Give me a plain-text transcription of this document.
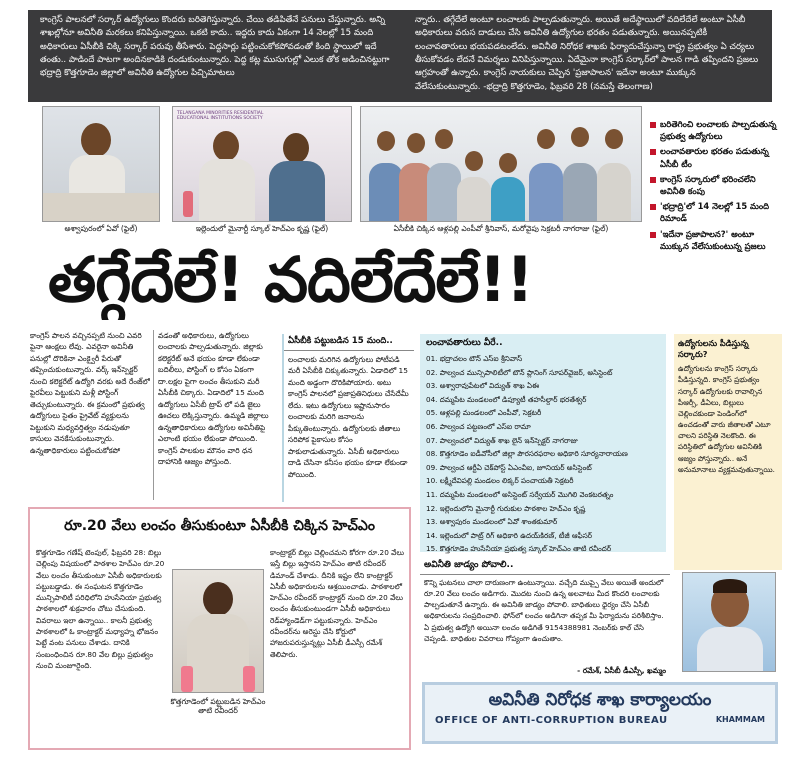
కాంగ్రెస్ పాలనలో సర్కార్ ఉద్యోగులు కొందరు బరితెగిస్తున్నారు. చేయి తడిపితేనే పనులు చేస్తున్నారు. అన్ని శాఖల్లోనూ అవినీతి మరకలు కనిపిస్తున్నాయి. ఒకటి కాదు.. ఇద్దరు కాదు ఏకంగా 14 నెలల్లో 15 మంది అధికారులు ఏసీబీకి చిక్కి సర్కార్ పరువు తీసేశారు. పెద్దసార్లు పట్టించుకోకపోవడంతో కింది స్థాయిలో ఇదే తంతు.. పాడిందే పాటగా అందినకాడికి దండుకుంటున్నారు. పెద్ద కట్ల ముసుగుల్లో ఎలుక తోక అడించినట్టుగా భద్రాద్రి కొత్తగూడెం జిల్లాలో అవినీతి ఉద్యోగుల పిచ్చిమాటలు
న్నారు.. తగ్గేదేలే అంటూ లంచాలకు పాల్పడుతున్నారు. అయితే అదేస్థాయిలో వదిలేదేలే అంటూ ఏసీబీ అధికారులు వరుస దాడులు చేసి అవినీతి ఉద్యోగుల భరతం పడుతున్నారు. అయినప్పటికీ లంచావతారులు భయపడటంలేదు. అవినీతి నిరోధక శాఖకు ఫిర్యాదుచేస్తున్నా రాష్ట్ర ప్రభుత్వం ఏ చర్యలు తీసుకోవడం లేదనే విమర్శలు వినిపిస్తున్నాయి. ఏదేమైనా కాంగ్రెస్ సర్కార్‌లో పాలన గాడి తప్పిందని ప్రజలు ఆగ్రహంతో ఉన్నారు. కాంగ్రెస్ నాయకులు చెప్పిన 'ప్రజాపాలన' ఇదేనా అంటూ ముక్కున వేలేసుకుంటున్నారు. -భద్రాద్రి కొత్తగూడెం, ఫిబ్రవరి 28 (నమస్తే తెలంగాణ)
అశ్వాపురంలో ఏవో (ఫైల్)
TELANGANA MINORITIES RESIDENTIAL EDUCATIONAL INSTITUTIONS SOCIETY
ఇల్లెందులో మైనార్టీ స్కూల్ హెచ్ఎం కృష్ణ (ఫైల్)	ఏసీబీకి చిక్కిన ఆళ్లపల్లి ఎంపీవో శ్రీనివాస్, మరోవైపు సెక్రటరీ నాగరాజు (ఫైల్)
బరితెగించి లంచాలకు పాల్పడుతున్న ప్రభుత్వ ఉద్యోగులు
లంచావతారుల భరతం పడుతున్న ఏసీబీ టీం
కాంగ్రెస్ సర్కారులో భరించలేని అవినీతి కంపు
'భద్రాద్రి'లో 14 నెలల్లో 15 మంది రిమాండ్
'ఇదేనా ప్రజాపాలన?' అంటూ ముక్కున వేలేసుకుంటున్న ప్రజలు
తగ్గేదేలే! వదిలేదేలే!!
కాంగ్రెస్ పాలన వచ్చినప్పటి నుంచి ఎవరి పైనా ఆంక్షలు లేవు. ఎవరైనా అవినీతి పనుల్లో దొరికినా ఎంక్వైరీ పేరుతో తప్పించుకుంటున్నారు. వర్క్ ఇన్‌స్పెక్టర్ నుంచి కలెక్టరేట్ ఉద్యోగి వరకు అదే రేంజ్‌లో పైరవీలు పెట్టుకుని మళ్లీ పోస్టింగ్ తెచ్చుకుంటున్నారు. ఈ క్రమంలో ప్రభుత్వ ఉద్యోగులు సైతం ప్రైవేట్ వ్యక్తులను పెట్టుకుని మధ్యవర్తిత్వం నడుపుతూ కాసులు వెనకేసుకుంటున్నారు. ఉన్నతాధికారులు పట్టించుకోకపో
వడంతో అధికారులు, ఉద్యోగులు లంచాలకు పాల్పడుతున్నారు. జిల్లాకు కలెక్టరేట్ అనే భయం కూడా లేకుండా బదిలీలు, పోస్టింగ్ ల కోసం ఏకంగా దా.లక్షల పైగా లంచం తీసుకుని మరీ ఏసీబీకి చిక్కారు. ఏడాదిలో 15 మంది ఉద్యోగులు ఏసీబీ ట్రాప్ లో పడి జైలు ఊచలు లెక్కిస్తున్నారు. ఉమ్మడి జిల్లాలు ఉన్నతాధికారులు ఉద్యోగుల అవినీతిపై ఎలాంటి భయం లేకుండా పోయింది. కాంగ్రెస్ పాలకుల మౌనం వారి ధన దాహానికి ఆజ్యం పోస్తుంది.
ఏసీబీకి పట్టుబడిన 15 మంది..
లంచాలకు మరిగిన ఉద్యోగులు పోటీపడి మరీ ఏసీబీకి చిక్కుతున్నారు. ఏడాదిలో 15 మంది అడ్డంగా దొరికిపోయారు. అటు కాంగ్రెస్ పాలనలో ప్రజాప్రతినిధులు చేసేదేమీ లేదు. ఇటు ఉద్యోగులు ఇష్టానుసారం లంచాలకు మరిగి జనాలను పీక్కుతింటున్నారు. ఉద్యోగులకు జీతాలు సరిపోక పైకాసుల కోసం పాకులాడుతున్నారు. ఏసీబీ అధికారులు దాడి చేసినా కనీసం భయం కూడా లేకుండా పోయింది.
లంచావతారులు వీరే..
01. భద్రాచలం టౌన్ ఎస్ఐ శ్రీనివాస్
02. పాల్వంచ మున్సిపాలిటీలో టౌన్ ప్లానింగ్ సూపర్‌వైజర్, అసిస్టెంట్
03. అశ్వారావుపేటలో విద్యుత్ శాఖ ఏఈ
04. దమ్మపేట మండలంలో డిప్యూటీ తహసీల్దార్ భరతేశ్వర్
05. ఆళ్లపల్లి మండలంలో ఎంపీవో, సెక్రటరీ
06. పాల్వంచ పట్టణంలో ఎస్ఐ రామా
07. పాల్వంచలో విద్యుత్ శాఖ లైన్ ఇన్‌స్పెక్టర్ నాగరాజు
08. కొత్తగూడెం ఐడీవోసీలో జిల్లా పౌరసరఫరాల అధికారి సూర్యనారాయణ
09. పాల్వంచ ఆర్టీఏ చెక్‌పోస్ట్ ఏఎంవీఐ, జూనియర్ అసిస్టెంట్
10. లక్ష్మీదేవిపల్లి మండలం లిక్కర్ పంచాయతీ సెక్రటరీ
11. దమ్మపేట మండలంలో అసిస్టెంట్ సర్వేయర్ మొగిలి వెంకటరత్నం
12. ఇల్లెందులోని మైనార్టీ గురుకుల పాఠశాల హెచ్ఎం కృష్ణ
13. అశ్వాపురం మండలంలో ఏవో శాంతకుమార్
14. ఇల్లెందులో పాట్ర్ రిగ్ అధికారి ఉదయ్‌కిరణ్, టీజీ ఆఫీసర్
15. కొత్తగూడెం హుసేనీయా ప్రభుత్వ స్కూల్ హెచ్ఎం తాటి రవీందర్
ఉద్యోగులను పీడిస్తున్న సర్కారు?
ఉద్యోగులను కాంగ్రెస్ సర్కారు పీడిస్తున్నది. కాంగ్రెస్ ప్రభుత్వం సర్కార్ ఉద్యోగులకు రావాల్సిన పీఆర్సీ, డీఏలు, బిల్లులు చెల్లించకుండా పెండింగ్‌లో ఉంచడంతో వారు జీతాలతో ఎటూ చాలని పరిస్థితి నెలకొంది. ఈ పరిస్థితిలో ఉద్యోగుల అవినీతికి ఆజ్యం పోస్తున్నారు.. అనే అనుమానాలు వ్యక్తమవుతున్నాయి.
రూ.20 వేలు లంచం తీసుకుంటూ ఏసీబీకి చిక్కిన హెచ్ఎం
కొత్తగూడెం గణేష్ టెంపుల్, ఫిబ్రవరి 28: బిల్లు చెల్లింపు విషయంలో పాఠశాల హెచ్ఎం రూ.20 వేలు లంచం తీసుకుంటూ ఏసీబీ అధికారులకు పట్టుబడ్డాడు. ఈ సంఘటన కొత్తగూడెం మున్సిపాలిటీ పరిధిలోని హుసేనియా ప్రభుత్వ పాఠశాలలో శుక్రవారం చోటు చేసుకుంది. వివరాలు ఇలా ఉన్నాయి.. కాలనీ ప్రభుత్వ పాఠశాలలో ఓ కాంట్రాక్టర్ మధ్యాహ్న భోజనం పెట్టే వంట పనులు చేశాడు. దానికి సంబంధించిన రూ.80 వేల బిల్లు ప్రభుత్వం నుంచి మంజూరైంది.
కొత్తగూడెంలో పట్టుబడిన హెచ్ఎం తాటి రవీందర్
కాంట్రాక్టర్ బిల్లు చెల్లించమని కోరగా రూ.20 వేలు ఇస్తే బిల్లు ఇస్తానని హెచ్ఎం తాటి రవీందర్ డిమాండ్ చేశాడు. దీనికి ఇష్టం లేని కాంట్రాక్టర్ ఏసీబీ అధికారులను ఆశ్రయించాడు. పాఠశాలలో హెచ్ఎం రవీందర్ కాంట్రాక్టర్ నుంచి రూ.20 వేలు లంచం తీసుకుంటుండగా ఏసీబీ అధికారులు రెడ్‌హ్యాండెడ్‌గా పట్టుకున్నారు. హెచ్ఎం రవీందర్‌ను అరెస్టు చేసి కోర్టులో హాజరుపరుస్తున్నట్లు ఏసీబీ డీఎస్పీ రమేశ్ తెలిపారు.
అవినీతి జాడ్యం పోవాలి..
కొన్ని ఘటనలు చాలా దారుణంగా ఉంటున్నాయి. వచ్చేది ముప్పై వేలు అయితే అందులో రూ.20 వేలు లంచం అడిగారు. మొదట నుంచి ఉన్న అలవాటు మీద కొందరి లంచాలకు పాల్పడుతూనే ఉన్నారు. ఈ అవినీతి జాడ్యం పోవాలి. బాధితులు ధైర్యం చేసి ఏసీబీ అధికారులను సంప్రదించాలి. ఫోన్‌లో లంచం అడిగినా తప్పక మీ ఫిర్యాదును పరిశీలిస్తాం. ఏ ప్రభుత్వ ఉద్యోగి అయినా లంచం అడిగితే 9154388981 నెంబర్‌కు కాల్ చేసి చెప్పండి. బాధితుల వివరాలు గోప్యంగా ఉంచుతాం.
- రమేశ్, ఏసీబీ డీఎస్పీ, ఖమ్మం
అవినీతి నిరోధక శాఖ కార్యాలయం
OFFICE OF ANTI-CORRUPTION BUREAU	KHAMMAM
